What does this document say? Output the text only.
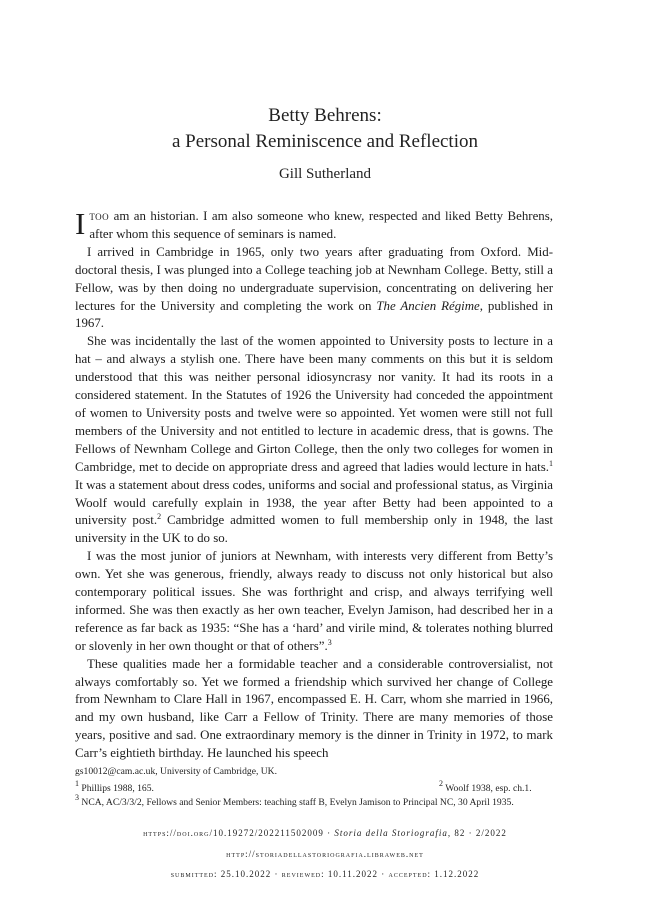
Betty Behrens:
a Personal Reminiscence and Reflection
Gill Sutherland

Itoo am an historian. I am also someone who knew, respected and liked Betty Behrens, after whom this sequence of seminars is named.

I arrived in Cambridge in 1965, only two years after graduating from Oxford. Mid-doctoral thesis, I was plunged into a College teaching job at Newnham College. Betty, still a Fellow, was by then doing no undergraduate supervision, concentrating on delivering her lectures for the University and completing the work on The Ancien Régime, published in 1967.

She was incidentally the last of the women appointed to University posts to lecture in a hat – and always a stylish one. There have been many comments on this but it is seldom understood that this was neither personal idiosyncrasy nor vanity. It had its roots in a considered statement. In the Statutes of 1926 the University had conceded the appointment of women to University posts and twelve were so appointed. Yet women were still not full members of the University and not entitled to lecture in academic dress, that is gowns. The Fellows of Newnham College and Girton College, then the only two colleges for women in Cambridge, met to decide on appropriate dress and agreed that ladies would lecture in hats.$^1$ It was a statement about dress codes, uniforms and social and professional status, as Virginia Woolf would carefully explain in 1938, the year after Betty had been appointed to a university post.$^2$ Cambridge admitted women to full membership only in 1948, the last university in the UK to do so.

I was the most junior of juniors at Newnham, with interests very different from Betty’s own. Yet she was generous, friendly, always ready to discuss not only historical but also contemporary political issues. She was forthright and crisp, and always terrifying well informed. She was then exactly as her own teacher, Evelyn Jamison, had described her in a reference as far back as 1935: “She has a ‘hard’ and virile mind, & tolerates nothing blurred or slovenly in her own thought or that of others”.$^3$

These qualities made her a formidable teacher and a considerable controversialist, not always comfortably so. Yet we formed a friendship which survived her change of College from Newnham to Clare Hall in 1967, encompassed E. H. Carr, whom she married in 1966, and my own husband, like Carr a Fellow of Trinity. There are many memories of those years, positive and sad. One extraordinary memory is the dinner in Trinity in 1972, to mark Carr’s eightieth birthday. He launched his speech

gs10012@cam.ac.uk, University of Cambridge, UK.
$^1$ Phillips 1988, 165.	$^2$ Woolf 1938, esp. ch.1.
$^3$ NCA, AC/3/3/2, Fellows and Senior Members: teaching staff B, Evelyn Jamison to Principal NC, 30 April 1935.
https://doi.org/10.19272/202211502009 · Storia della Storiografia, 82 · 2/2022
http://storiadellastoriografia.libraweb.net
submitted: 25.10.2022 · reviewed: 10.11.2022 · accepted: 1.12.2022
